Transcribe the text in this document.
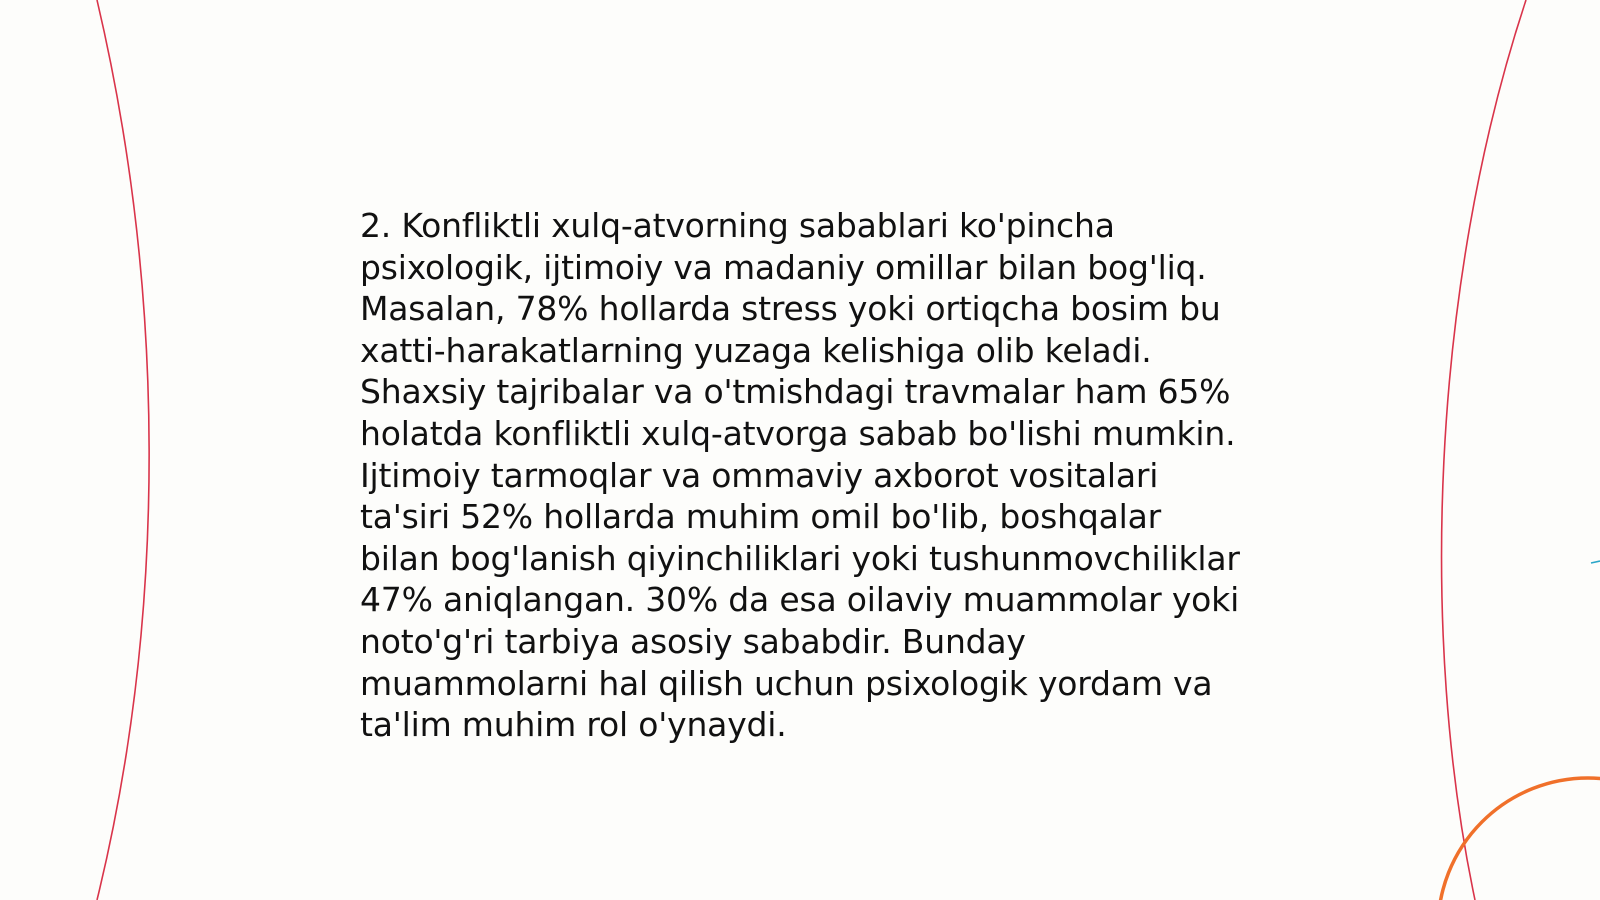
2. Konfliktli xulq-atvorning sabablari ko'pincha
psixologik, ijtimoiy va madaniy omillar bilan bog'liq.
Masalan, 78% hollarda stress yoki ortiqcha bosim bu
xatti-harakatlarning yuzaga kelishiga olib keladi.
Shaxsiy tajribalar va o'tmishdagi travmalar ham 65%
holatda konfliktli xulq-atvorga sabab bo'lishi mumkin.
Ijtimoiy tarmoqlar va ommaviy axborot vositalari
ta'siri 52% hollarda muhim omil bo'lib, boshqalar
bilan bog'lanish qiyinchiliklari yoki tushunmovchiliklar
47% aniqlangan. 30% da esa oilaviy muammolar yoki
noto'g'ri tarbiya asosiy sababdir. Bunday
muammolarni hal qilish uchun psixologik yordam va
ta'lim muhim rol o'ynaydi.
